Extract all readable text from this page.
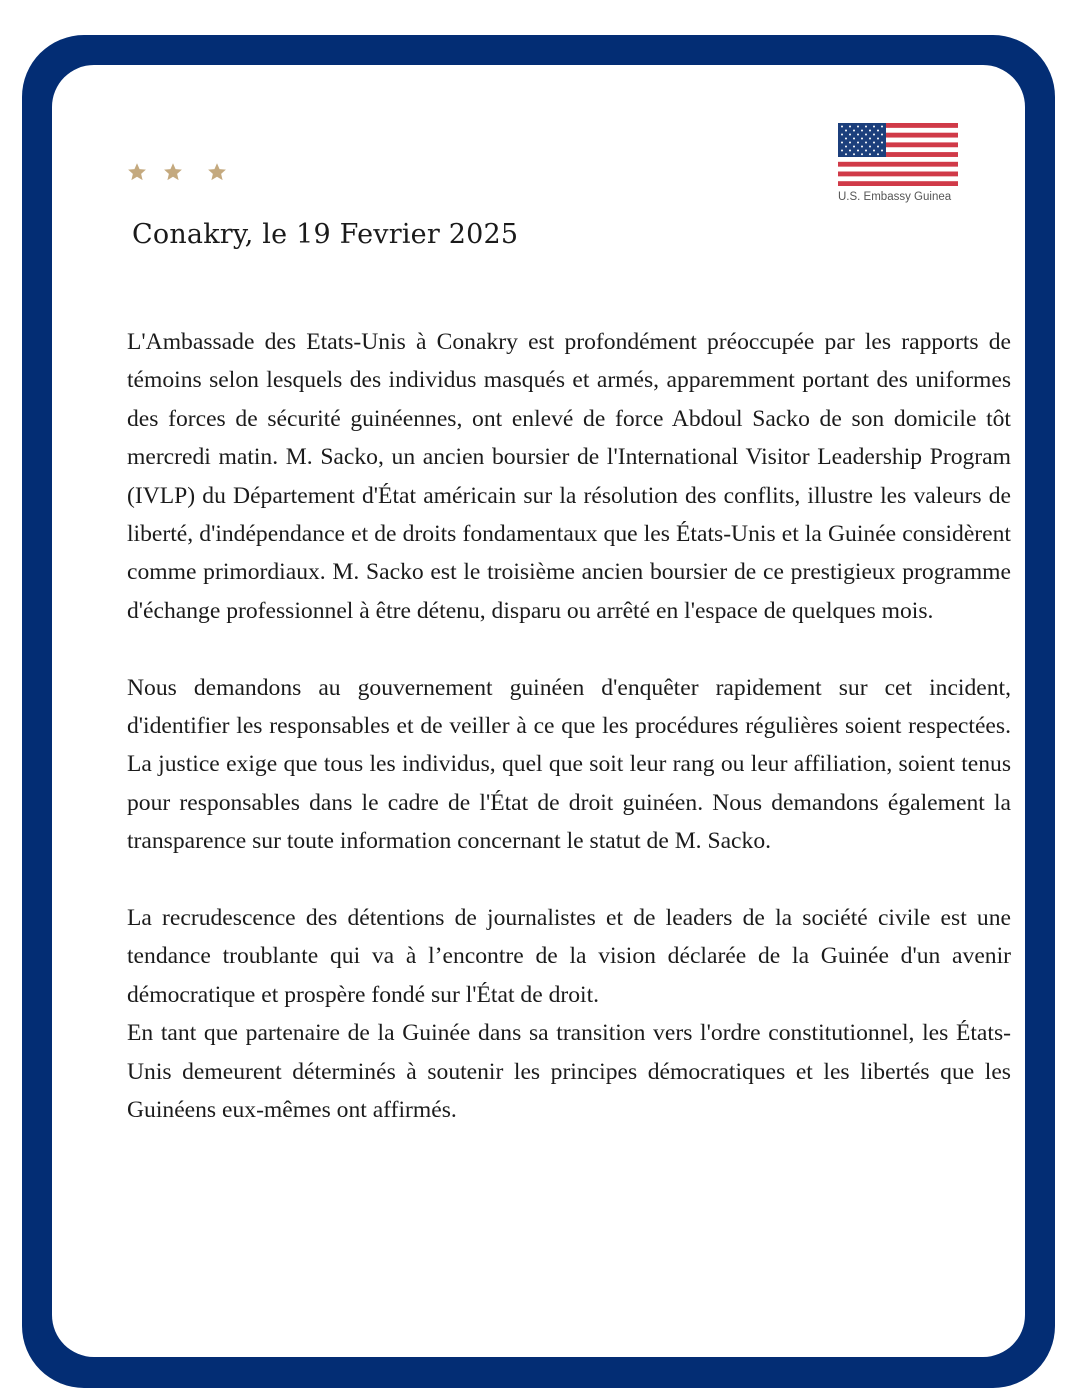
Conakry, le 19 Fevrier 2025
U.S. Embassy Guinea

L'Ambassade des Etats-Unis à Conakry est profondément préoccupée par les rapports de témoins selon lesquels des individus masqués et armés, apparemment portant des uniformes des forces de sécurité guinéennes, ont enlevé de force Abdoul Sacko de son domicile tôt mercredi matin. M. Sacko, un ancien boursier de l'International Visitor Leadership Program (IVLP) du Département d'État américain sur la résolution des conflits, illustre les valeurs de liberté, d'indépendance et de droits fondamentaux que les États-Unis et la Guinée considèrent comme primordiaux. M. Sacko est le troisième ancien boursier de ce prestigieux programme d'échange professionnel à être détenu, disparu ou arrêté en l'espace de quelques mois.

Nous demandons au gouvernement guinéen d'enquêter rapidement sur cet incident, d'identifier les responsables et de veiller à ce que les procédures régulières soient respectées. La justice exige que tous les individus, quel que soit leur rang ou leur affiliation, soient tenus pour responsables dans le cadre de l'État de droit guinéen. Nous demandons également la transparence sur toute information concernant le statut de M. Sacko.

La recrudescence des détentions de journalistes et de leaders de la société civile est une tendance troublante qui va à l’encontre de la vision déclarée de la Guinée d'un avenir démocratique et prospère fondé sur l'État de droit.

En tant que partenaire de la Guinée dans sa transition vers l'ordre constitutionnel, les États-Unis demeurent déterminés à soutenir les principes démocratiques et les libertés que les Guinéens eux-mêmes ont affirmés.
